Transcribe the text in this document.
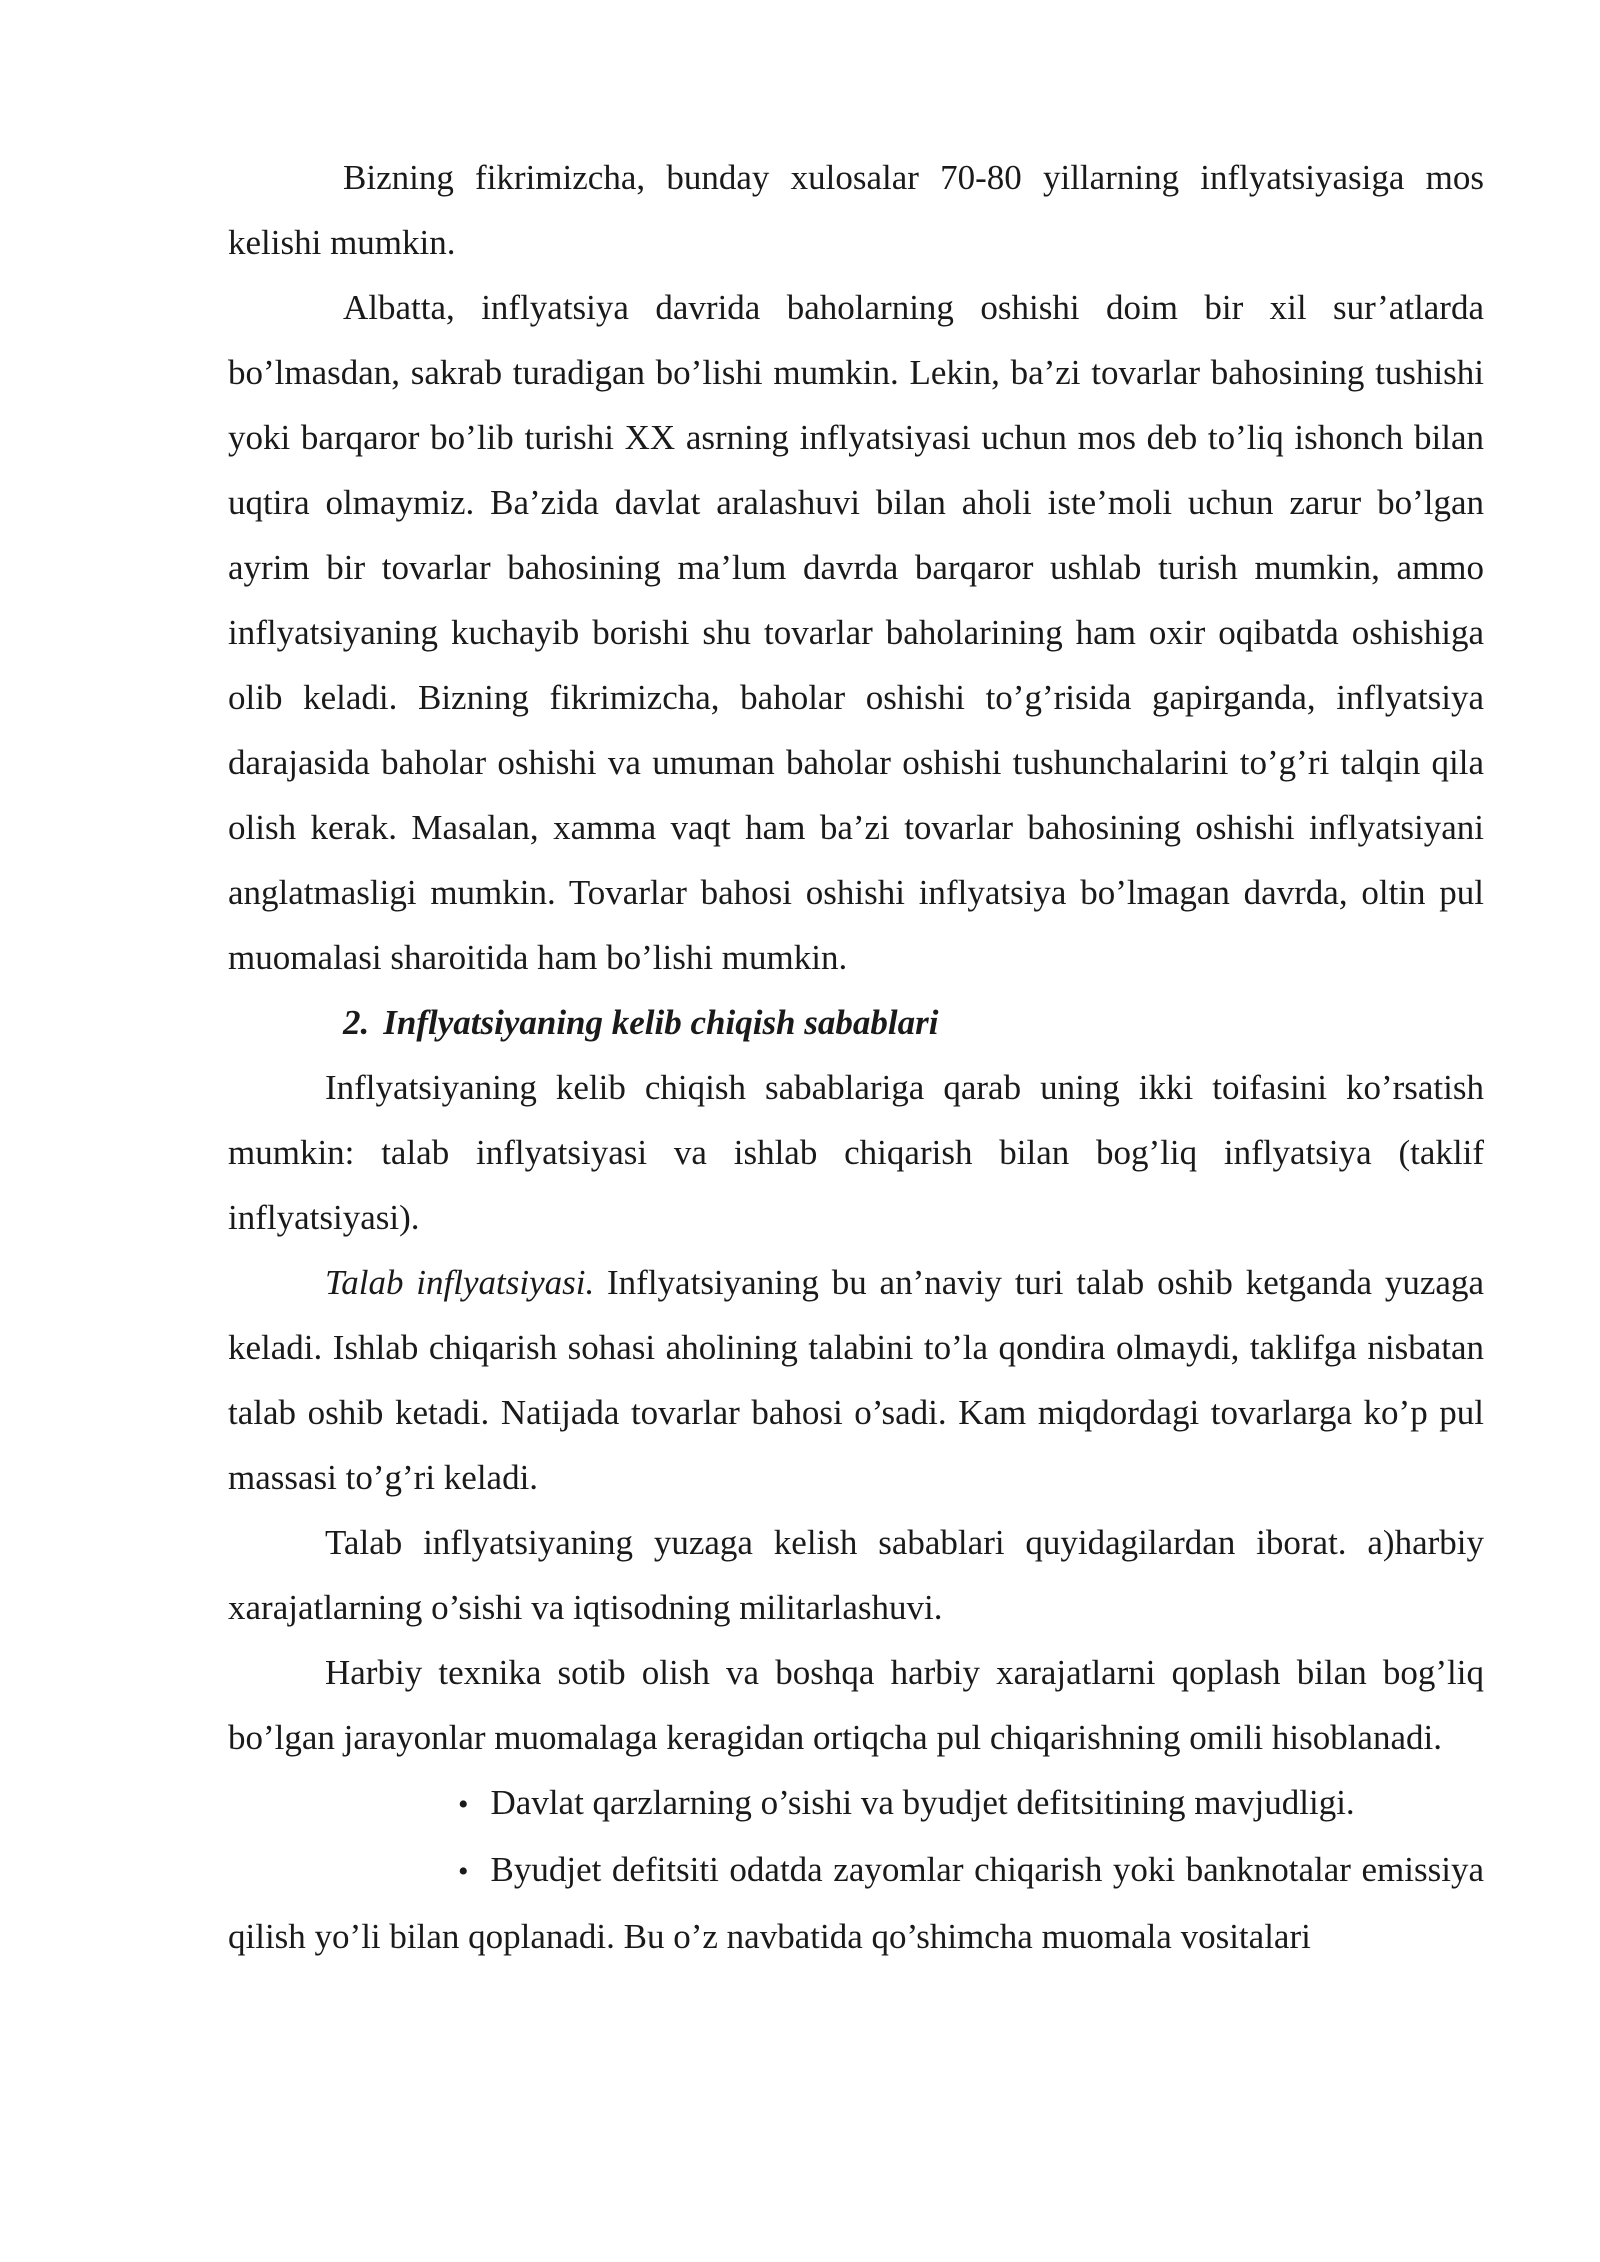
Bizning fikrimizcha, bunday xulosalar 70-80 yillarning inflyatsiyasiga mos kelishi mumkin.

Albatta, inflyatsiya davrida baholarning oshishi doim bir xil sur’atlarda bo’lmasdan, sakrab turadigan bo’lishi mumkin. Lekin, ba’zi tovarlar bahosining tushishi yoki barqaror bo’lib turishi XX asrning inflyatsiyasi uchun mos deb to’liq ishonch bilan uqtira olmaymiz. Ba’zida davlat aralashuvi bilan aholi iste’moli uchun zarur bo’lgan ayrim bir tovarlar bahosining ma’lum davrda barqaror ushlab turish mumkin, ammo inflyatsiyaning kuchayib borishi shu tovarlar baholarining ham oxir oqibatda oshishiga olib keladi. Bizning fikrimizcha, baholar oshishi to’g’risida gapirganda, inflyatsiya darajasida baholar oshishi va umuman baholar oshishi tushunchalarini to’g’ri talqin qila olish kerak. Masalan, xamma vaqt ham ba’zi tovarlar bahosining oshishi inflyatsiyani anglatmasligi mumkin. Tovarlar bahosi oshishi inflyatsiya bo’lmagan davrda, oltin pul muomalasi sharoitida ham bo’lishi mumkin.

2. Inflyatsiyaning kelib chiqish sabablari

Inflyatsiyaning kelib chiqish sabablariga qarab uning ikki toifasini ko’rsatish mumkin: talab inflyatsiyasi va ishlab chiqarish bilan bog’liq inflyatsiya (taklif inflyatsiyasi).

Talab inflyatsiyasi. Inflyatsiyaning bu an’naviy turi talab oshib ketganda yuzaga keladi. Ishlab chiqarish sohasi aholining talabini to’la qondira olmaydi, taklifga nisbatan talab oshib ketadi. Natijada tovarlar bahosi o’sadi. Kam miqdordagi tovarlarga ko’p pul massasi to’g’ri keladi.

Talab inflyatsiyaning yuzaga kelish sabablari quyidagilardan iborat. a)harbiy xarajatlarning o’sishi va iqtisodning militarlashuvi.

Harbiy texnika sotib olish va boshqa harbiy xarajatlarni qoplash bilan bog’liq bo’lgan jarayonlar muomalaga keragidan ortiqcha pul chiqarishning omili hisoblanadi.

• Davlat qarzlarning o’sishi va byudjet defitsitining mavjudligi.

• Byudjet defitsiti odatda zayomlar chiqarish yoki banknotalar emissiya qilish yo’li bilan qoplanadi. Bu o’z navbatida qo’shimcha muomala vositalari
